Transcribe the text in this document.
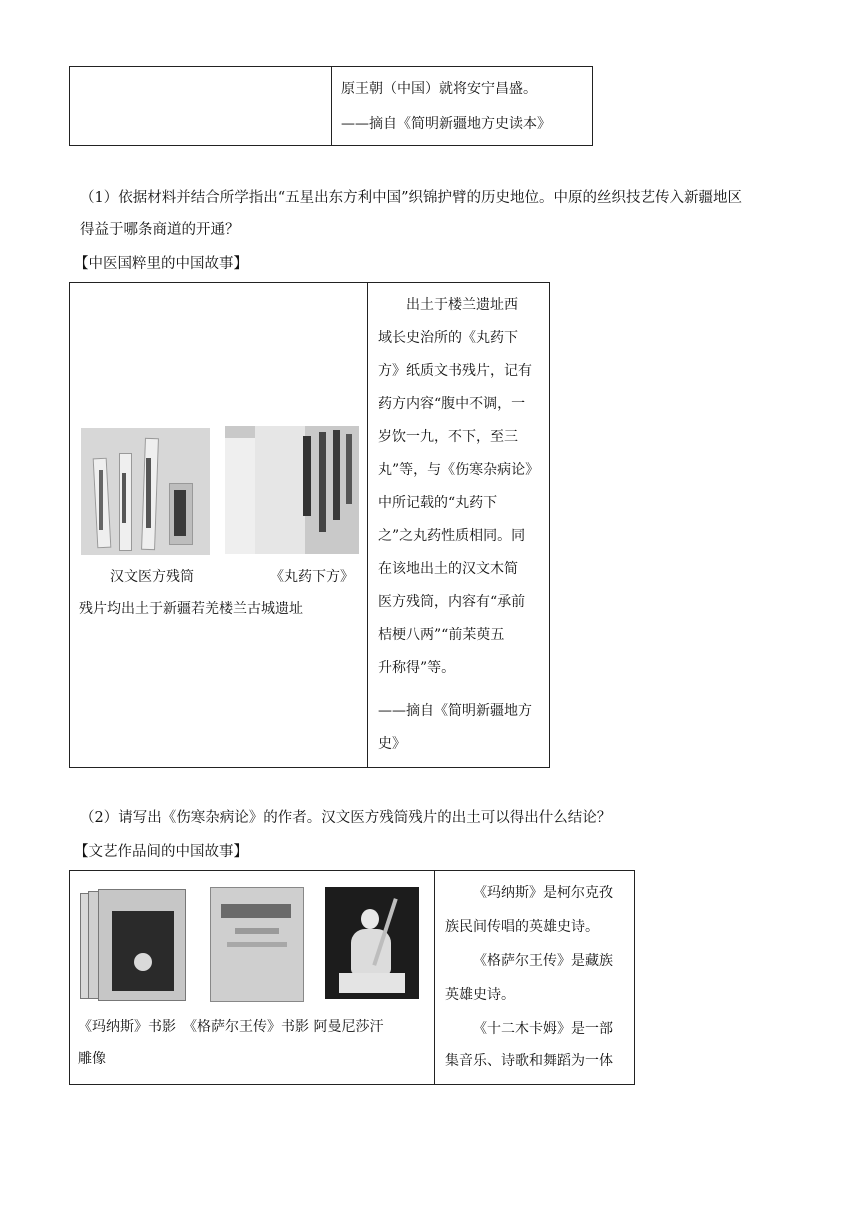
原王朝（中国）就将安宁昌盛。
——摘自《简明新疆地方史读本》
（1）依据材料并结合所学指出“五星出东方利中国”织锦护臂的历史地位。中原的丝织技艺传入新疆地区
得益于哪条商道的开通？
【中医国粹里的中国故事】
汉文医方残筒	《丸药下方》
残片均出土于新疆若羌楼兰古城遗址
出土于楼兰遗址西
域长史治所的《丸药下
方》纸质文书残片，记有
药方内容“腹中不调，一
岁饮一九，不下，至三
丸”等，与《伤寒杂病论》
中所记载的“丸药下
之”之丸药性质相同。同
在该地出土的汉文木简
医方残筒，内容有“承前
桔梗八两”“前苿萸五
升称得”等。
——摘自《简明新疆地方
史》
（2）请写出《伤寒杂病论》的作者。汉文医方残筒残片的出土可以得出什么结论？
【文艺作品间的中国故事】
《玛纳斯》书影　《格萨尔王传》书影 阿曼尼莎汗
雕像
《玛纳斯》是柯尔克孜
族民间传唱的英雄史诗。
《格萨尔王传》是藏族
英雄史诗。
《十二木卡姆》是一部
集音乐、诗歌和舞蹈为一体
